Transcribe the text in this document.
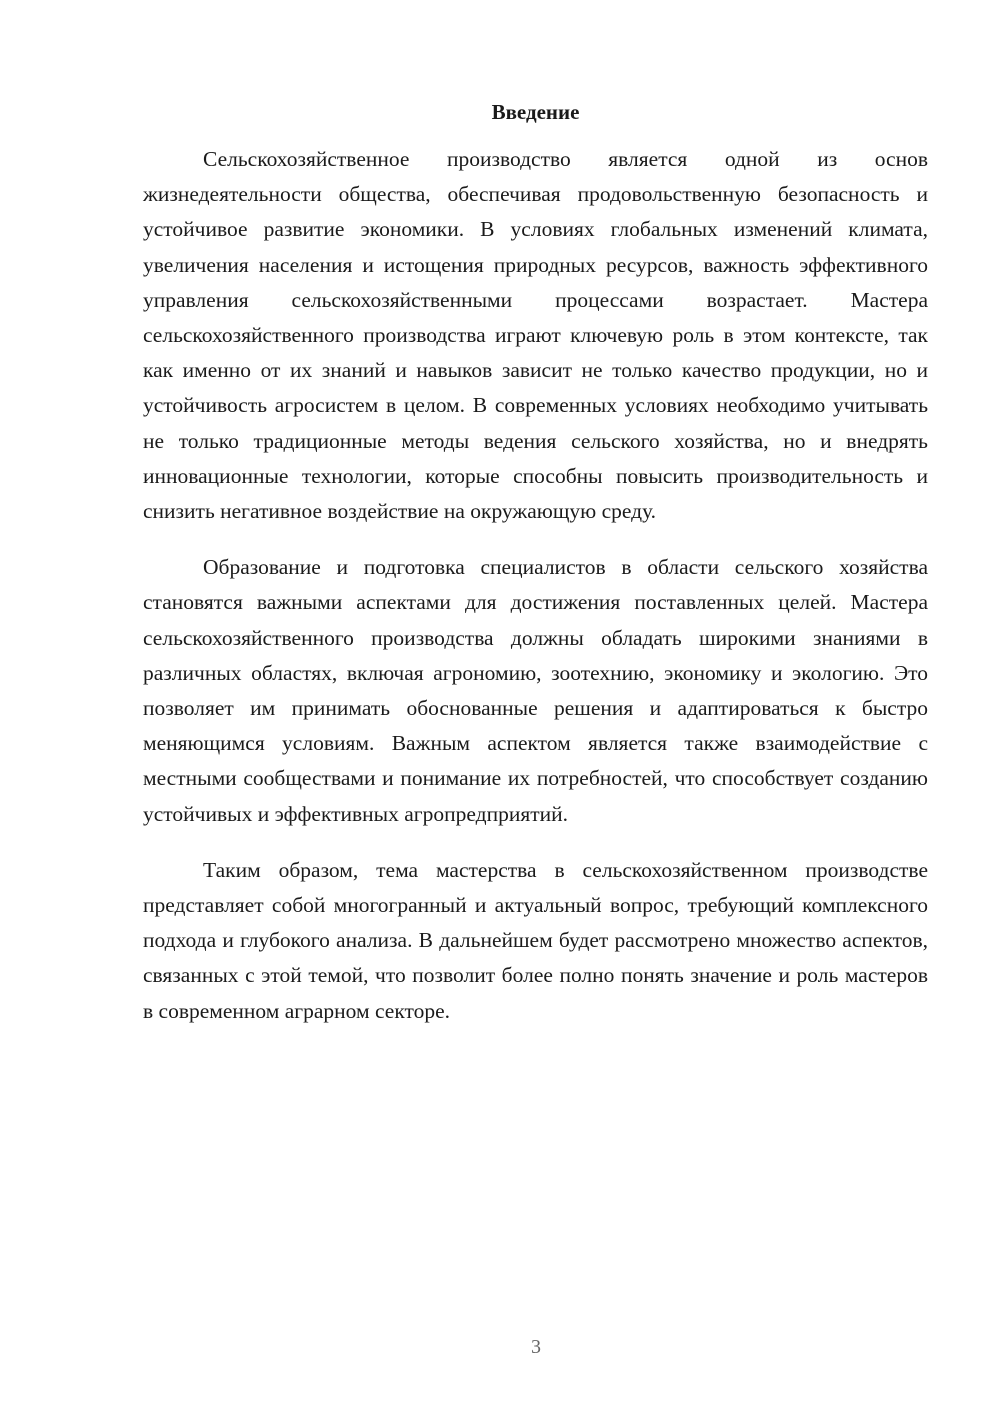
Введение

Сельскохозяйственное производство является одной из основ жизнедеятельности общества, обеспечивая продовольственную безопасность и устойчивое развитие экономики. В условиях глобальных изменений климата, увеличения населения и истощения природных ресурсов, важность эффективного управления сельскохозяйственными процессами возрастает. Мастера сельскохозяйственного производства играют ключевую роль в этом контексте, так как именно от их знаний и навыков зависит не только качество продукции, но и устойчивость агросистем в целом. В современных условиях необходимо учитывать не только традиционные методы ведения сельского хозяйства, но и внедрять инновационные технологии, которые способны повысить производительность и снизить негативное воздействие на окружающую среду.

Образование и подготовка специалистов в области сельского хозяйства становятся важными аспектами для достижения поставленных целей. Мастера сельскохозяйственного производства должны обладать широкими знаниями в различных областях, включая агрономию, зоотехнию, экономику и экологию. Это позволяет им принимать обоснованные решения и адаптироваться к быстро меняющимся условиям. Важным аспектом является также взаимодействие с местными сообществами и понимание их потребностей, что способствует созданию устойчивых и эффективных агропредприятий.

Таким образом, тема мастерства в сельскохозяйственном производстве представляет собой многогранный и актуальный вопрос, требующий комплексного подхода и глубокого анализа. В дальнейшем будет рассмотрено множество аспектов, связанных с этой темой, что позволит более полно понять значение и роль мастеров в современном аграрном секторе.

3
